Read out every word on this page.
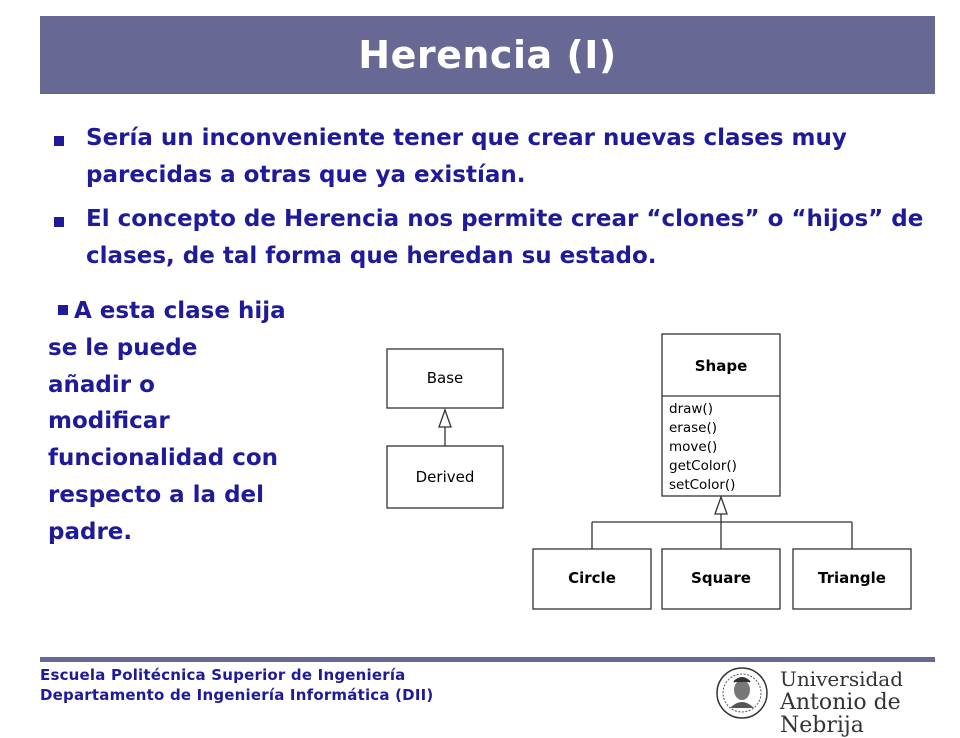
Herencia (I)
Sería un inconveniente tener que crear nuevas clases muy parecidas a otras que ya existían.
El concepto de Herencia nos permite crear “clones” o “hijos” de clases, de tal forma que heredan su estado.
A esta clase hija
se le puede
añadir o
modificar
funcionalidad con
respecto a la del
padre.
Base
Derived
Shape
draw()
erase()
move()
getColor()
setColor()
Circle	Square	Triangle
Escuela Politécnica Superior de Ingeniería
Departamento de Ingeniería Informática (DII)
Universidad
Antonio de Nebrija
